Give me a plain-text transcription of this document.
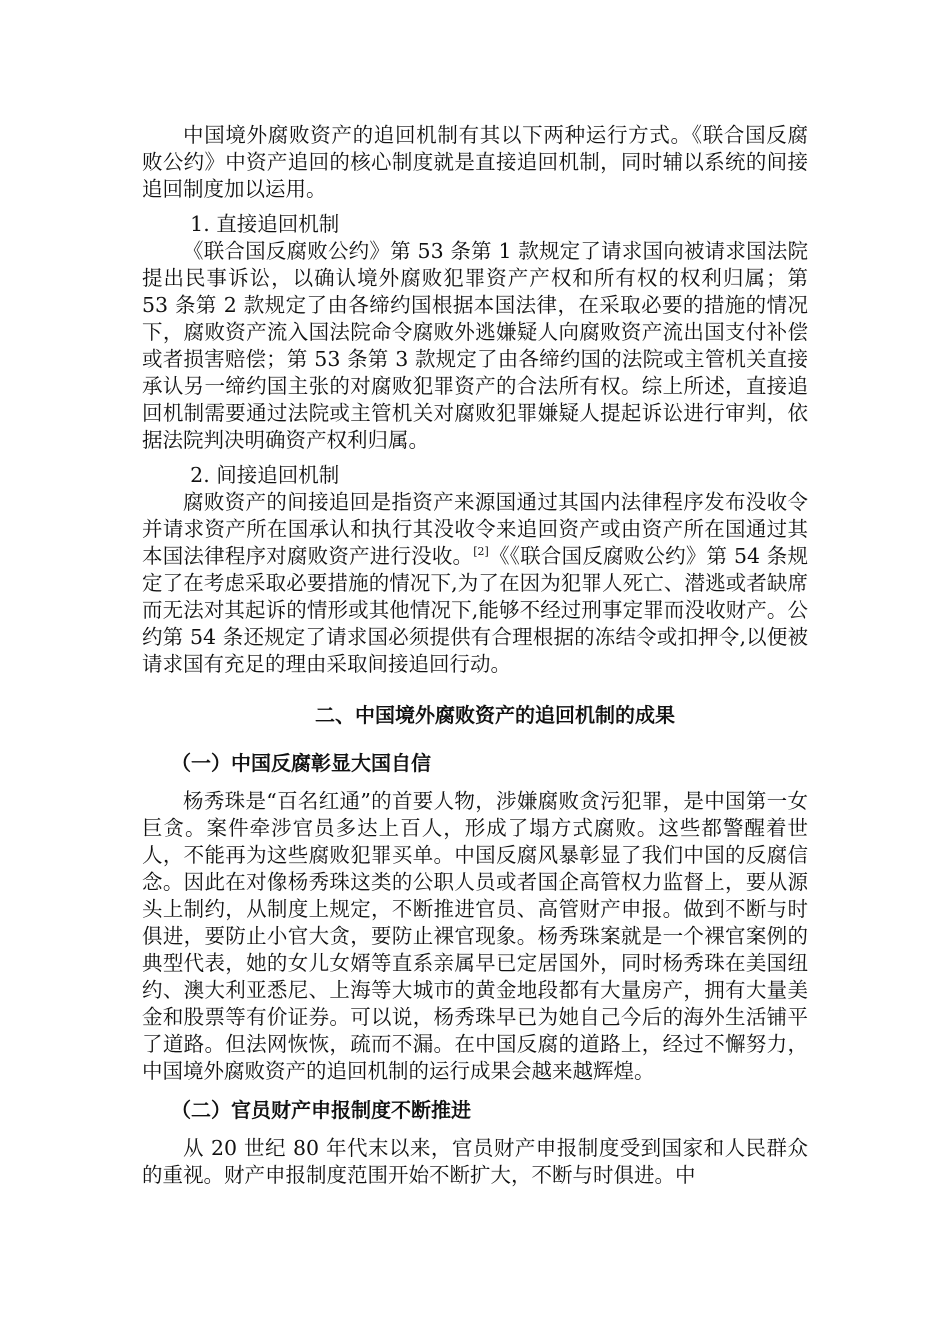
中国境外腐败资产的追回机制有其以下两种运行方式。《联合国反腐败公约》中资产追回的核心制度就是直接追回机制，同时辅以系统的间接追回制度加以运用。

1. 直接追回机制

《联合国反腐败公约》第 53 条第 1 款规定了请求国向被请求国法院提出民事诉讼，以确认境外腐败犯罪资产产权和所有权的权利归属；第 53 条第 2 款规定了由各缔约国根据本国法律，在采取必要的措施的情况下，腐败资产流入国法院命令腐败外逃嫌疑人向腐败资产流出国支付补偿或者损害赔偿；第 53 条第 3 款规定了由各缔约国的法院或主管机关直接承认另一缔约国主张的对腐败犯罪资产的合法所有权。综上所述，直接追回机制需要通过法院或主管机关对腐败犯罪嫌疑人提起诉讼进行审判，依据法院判决明确资产权利归属。

2. 间接追回机制

腐败资产的间接追回是指资产来源国通过其国内法律程序发布没收令并请求资产所在国承认和执行其没收令来追回资产或由资产所在国通过其本国法律程序对腐败资产进行没收。[2]《《联合国反腐败公约》第 54 条规定了在考虑采取必要措施的情况下,为了在因为犯罪人死亡、潜逃或者缺席而无法对其起诉的情形或其他情况下,能够不经过刑事定罪而没收财产。公约第 54 条还规定了请求国必须提供有合理根据的冻结令或扣押令,以便被请求国有充足的理由采取间接追回行动。

二、中国境外腐败资产的追回机制的成果

（一）中国反腐彰显大国自信

杨秀珠是“百名红通”的首要人物，涉嫌腐败贪污犯罪，是中国第一女巨贪。案件牵涉官员多达上百人，形成了塌方式腐败。这些都警醒着世人，不能再为这些腐败犯罪买单。中国反腐风暴彰显了我们中国的反腐信念。因此在对像杨秀珠这类的公职人员或者国企高管权力监督上，要从源头上制约，从制度上规定，不断推进官员、高管财产申报。做到不断与时俱进，要防止小官大贪，要防止裸官现象。杨秀珠案就是一个裸官案例的典型代表，她的女儿女婿等直系亲属早已定居国外，同时杨秀珠在美国纽约、澳大利亚悉尼、上海等大城市的黄金地段都有大量房产，拥有大量美金和股票等有价证券。可以说，杨秀珠早已为她自己今后的海外生活铺平了道路。但法网恢恢，疏而不漏。在中国反腐的道路上，经过不懈努力，中国境外腐败资产的追回机制的运行成果会越来越辉煌。

（二）官员财产申报制度不断推进

从 20 世纪 80 年代末以来，官员财产申报制度受到国家和人民群众的重视。财产申报制度范围开始不断扩大，不断与时俱进。中
